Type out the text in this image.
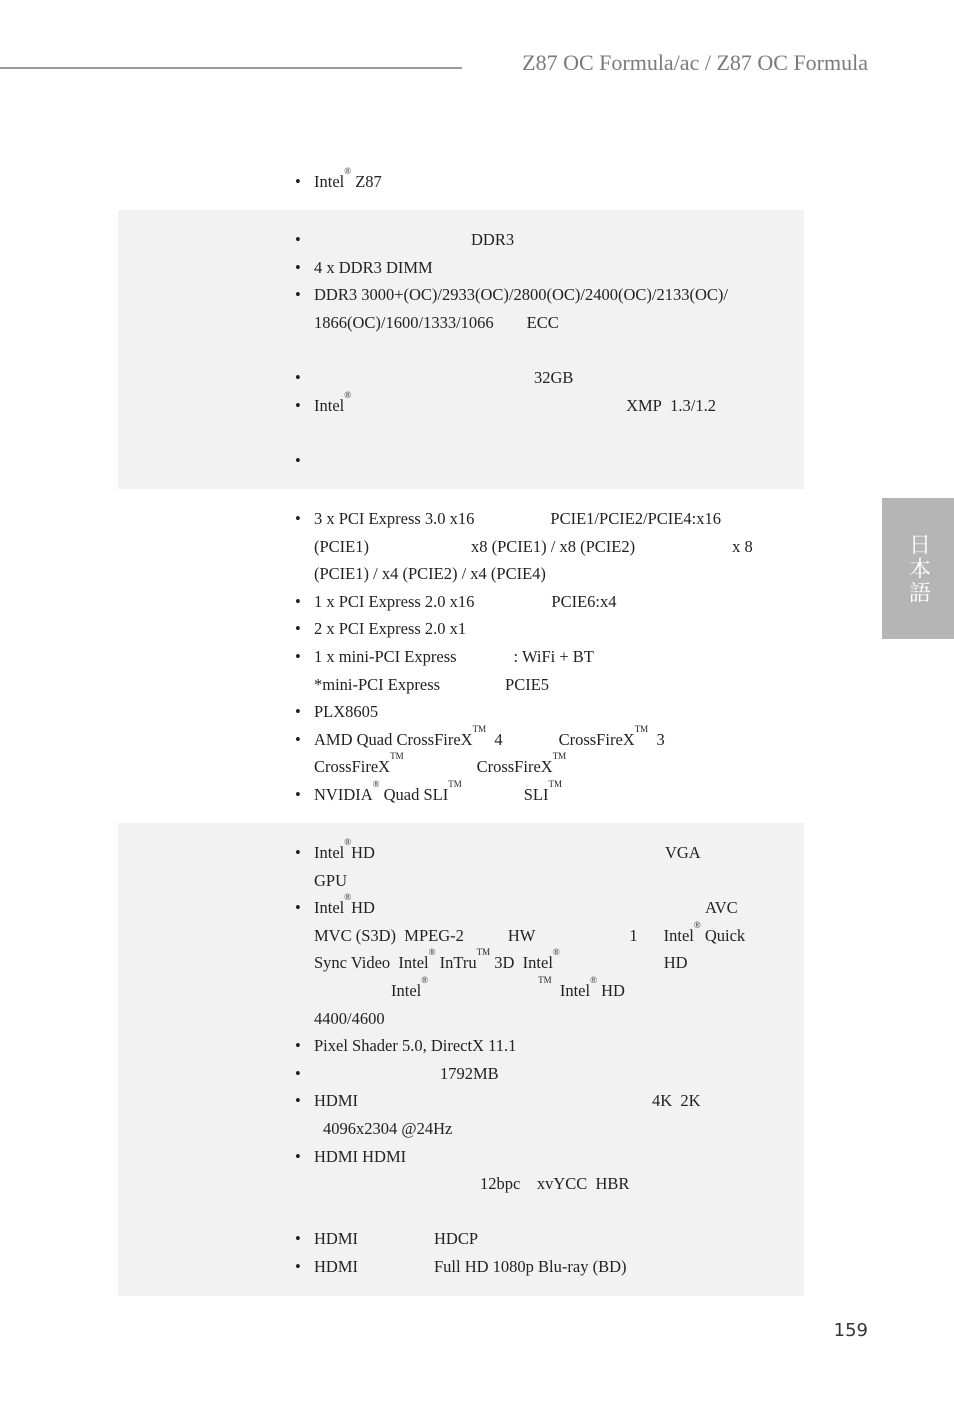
Z87 OC Formula/ac / Z87 OC Formula
日本語
• Intel® Z87
• DDR3
• 4 x DDR3 DIMM
• DDR3 3000+(OC)/2933(OC)/2800(OC)/2400(OC)/2133(OC)/
1866(OC)/1600/1333/1066        ECC

• 32GB
• Intel®XMP  1.3/1.2

•
• 3 x PCI Express 3.0 x16	PCIE1/PCIE2/PCIE4:x16
(PCIE1)	x8 (PCIE1) / x8 (PCIE2)	x 8
(PCIE1) / x4 (PCIE2) / x4 (PCIE4)
• 1 x PCI Express 2.0 x16	PCIE6:x4
• 2 x PCI Express 2.0 x1
• 1 x mini-PCI Express	: WiFi + BT
*mini-PCI Express	PCIE5
• PLX8605
• AMD Quad CrossFireX™  4	CrossFireX™  3
CrossFireX™CrossFireX™
• NVIDIA® Quad SLI™SLI™
• Intel®HD	VGA
GPU
• Intel®HD	AVC
MVC (S3D)  MPEG-2	HW	1 Intel® Quick
Sync Video  Intel® InTru™ 3D  Intel®HD
Intel®	™  Intel® HD
4400/4600
• Pixel Shader 5.0, DirectX 11.1
• 1792MB
• HDMI	4K  2K
4096x2304 @24Hz
• HDMI HDMI
12bpc    xvYCC  HBR

• HDMI	HDCP
• HDMI	Full HD 1080p Blu-ray (BD)
159
